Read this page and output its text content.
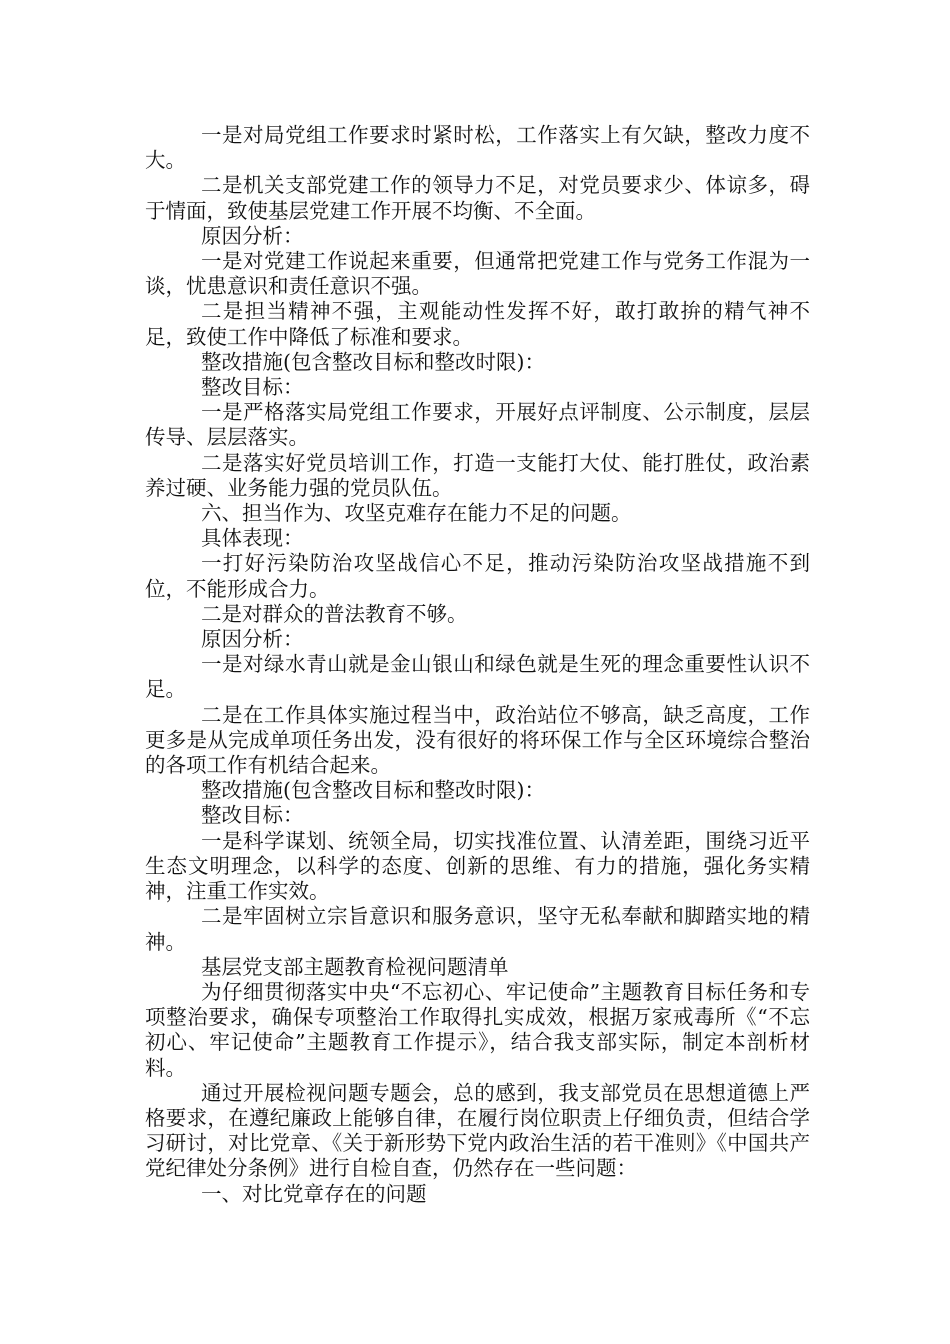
一是对局党组工作要求时紧时松，工作落实上有欠缺，整改力度不大。

二是机关支部党建工作的领导力不足，对党员要求少、体谅多，碍于情面，致使基层党建工作开展不均衡、不全面。

原因分析：

一是对党建工作说起来重要，但通常把党建工作与党务工作混为一谈，忧患意识和责任意识不强。

二是担当精神不强，主观能动性发挥不好，敢打敢拚的精气神不足，致使工作中降低了标准和要求。

整改措施(包含整改目标和整改时限)：

整改目标：

一是严格落实局党组工作要求，开展好点评制度、公示制度，层层传导、层层落实。

二是落实好党员培训工作，打造一支能打大仗、能打胜仗，政治素养过硬、业务能力强的党员队伍。

六、担当作为、攻坚克难存在能力不足的问题。

具体表现：

一打好污染防治攻坚战信心不足，推动污染防治攻坚战措施不到位，不能形成合力。

二是对群众的普法教育不够。

原因分析：

一是对绿水青山就是金山银山和绿色就是生死的理念重要性认识不足。

二是在工作具体实施过程当中，政治站位不够高，缺乏高度，工作更多是从完成单项任务出发，没有很好的将环保工作与全区环境综合整治的各项工作有机结合起来。

整改措施(包含整改目标和整改时限)：

整改目标：

一是科学谋划、统领全局，切实找准位置、认清差距，围绕习近平生态文明理念，以科学的态度、创新的思维、有力的措施，强化务实精神，注重工作实效。

二是牢固树立宗旨意识和服务意识，坚守无私奉献和脚踏实地的精神。

基层党支部主题教育检视问题清单

为仔细贯彻落实中央“不忘初心、牢记使命”主题教育目标任务和专项整治要求，确保专项整治工作取得扎实成效，根据万家戒毒所《“不忘初心、牢记使命”主题教育工作提示》，结合我支部实际，制定本剖析材料。

通过开展检视问题专题会，总的感到，我支部党员在思想道德上严格要求，在遵纪廉政上能够自律，在履行岗位职责上仔细负责，但结合学习研讨，对比党章、《关于新形势下党内政治生活的若干准则》《中国共产党纪律处分条例》进行自检自查，仍然存在一些问题：

一、对比党章存在的问题
